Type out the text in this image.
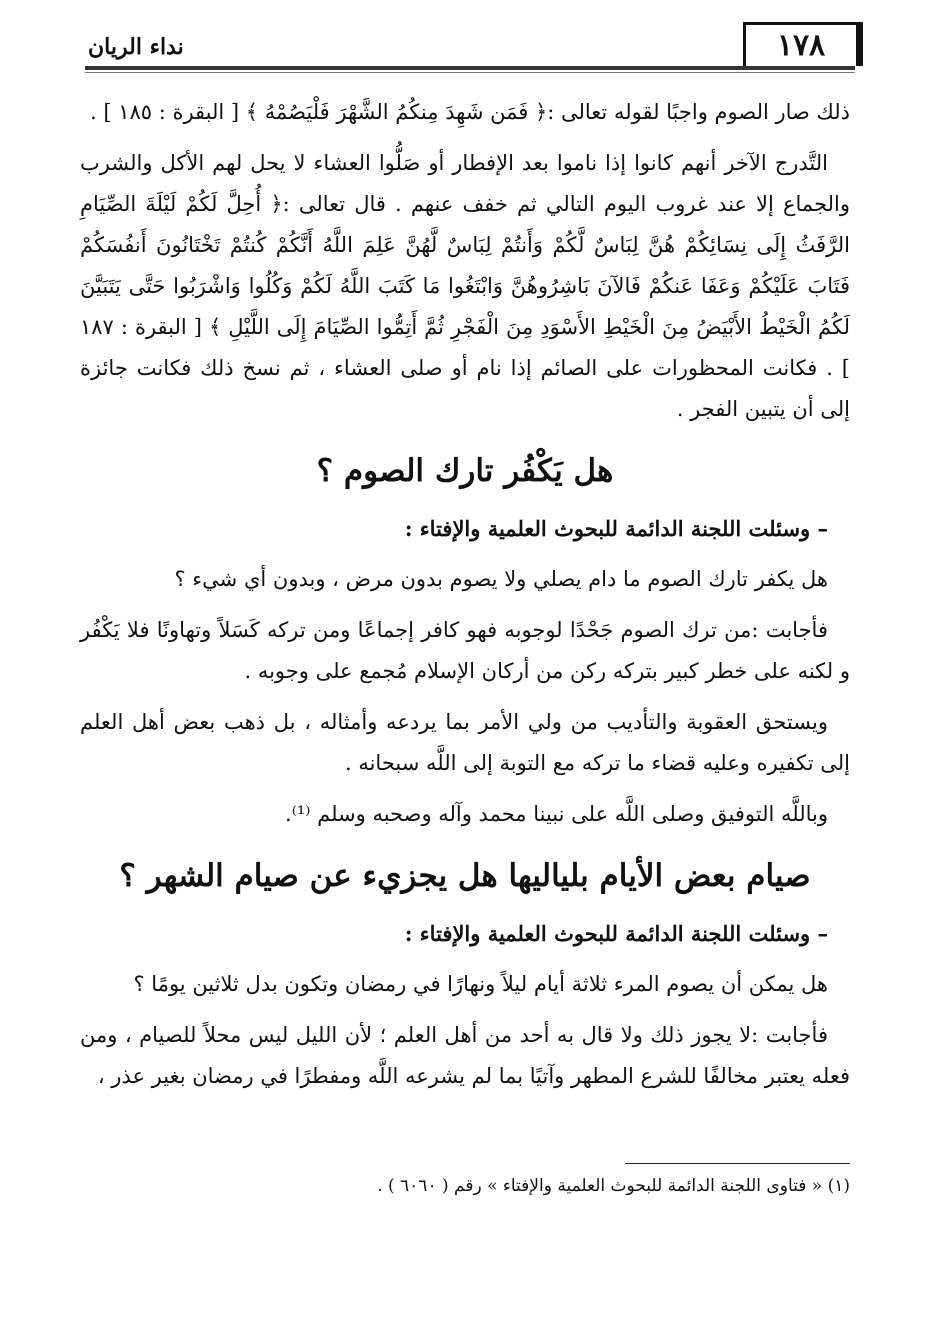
١٧٨
نداء الريان

ذلك صار الصوم واجبًا لقوله تعالى :﴿ فَمَن شَهِدَ مِنكُمُ الشَّهْرَ فَلْيَصُمْهُ ﴾ [ البقرة : ١٨٥ ] .

التَّدرج الآخر أنهم كانوا إذا ناموا بعد الإفطار أو صَلُّوا العشاء لا يحل لهم الأكل والشرب والجماع إلا عند غروب اليوم التالي ثم خفف عنهم . قال تعالى :﴿ أُحِلَّ لَكُمْ لَيْلَةَ الصِّيَامِ الرَّفَثُ إِلَى نِسَائِكُمْ هُنَّ لِبَاسٌ لَّكُمْ وَأَنتُمْ لِبَاسٌ لَّهُنَّ عَلِمَ اللَّهُ أَنَّكُمْ كُنتُمْ تَخْتَانُونَ أَنفُسَكُمْ فَتَابَ عَلَيْكُمْ وَعَفَا عَنكُمْ فَالآنَ بَاشِرُوهُنَّ وَابْتَغُوا مَا كَتَبَ اللَّهُ لَكُمْ وَكُلُوا وَاشْرَبُوا حَتَّى يَتَبَيَّنَ لَكُمُ الْخَيْطُ الأَبْيَضُ مِنَ الْخَيْطِ الأَسْوَدِ مِنَ الْفَجْرِ ثُمَّ أَتِمُّوا الصِّيَامَ إِلَى اللَّيْلِ ﴾ [ البقرة : ١٨٧ ] . فكانت المحظورات على الصائم إذا نام أو صلى العشاء ، ثم نسخ ذلك فكانت جائزة إلى أن يتبين الفجر .

هل يَكْفُر تارك الصوم ؟

– وسئلت اللجنة الدائمة للبحوث العلمية والإفتاء :

هل يكفر تارك الصوم ما دام يصلي ولا يصوم بدون مرض ، وبدون أي شيء ؟

فأجابت :من ترك الصوم جَحْدًا لوجوبه فهو كافر إجماعًا ومن تركه كَسَلاً وتهاونًا فلا يَكْفُر و لكنه على خطر كبير بتركه ركن من أركان الإسلام مُجمع على وجوبه .

ويستحق العقوبة والتأديب من ولي الأمر بما يردعه وأمثاله ، بل ذهب بعض أهل العلم إلى تكفيره وعليه قضاء ما تركه مع التوبة إلى اللَّه سبحانه .

وباللَّه التوفيق وصلى اللَّه على نبينا محمد وآله وصحبه وسلم ⁽¹⁾.

صيام بعض الأيام بلياليها هل يجزيء عن صيام الشهر ؟

– وسئلت اللجنة الدائمة للبحوث العلمية والإفتاء :

هل يمكن أن يصوم المرء ثلاثة أيام ليلاً ونهارًا في رمضان وتكون بدل ثلاثين يومًا ؟

فأجابت :لا يجوز ذلك ولا قال به أحد من أهل العلم ؛ لأن الليل ليس محلاً للصيام ، ومن فعله يعتبر مخالفًا للشرع المطهر وآتيًا بما لم يشرعه اللَّه ومفطرًا في رمضان بغير عذر ،

(١) « فتاوى اللجنة الدائمة للبحوث العلمية والإفتاء » رقم ( ٦٠٦٠ ) .
